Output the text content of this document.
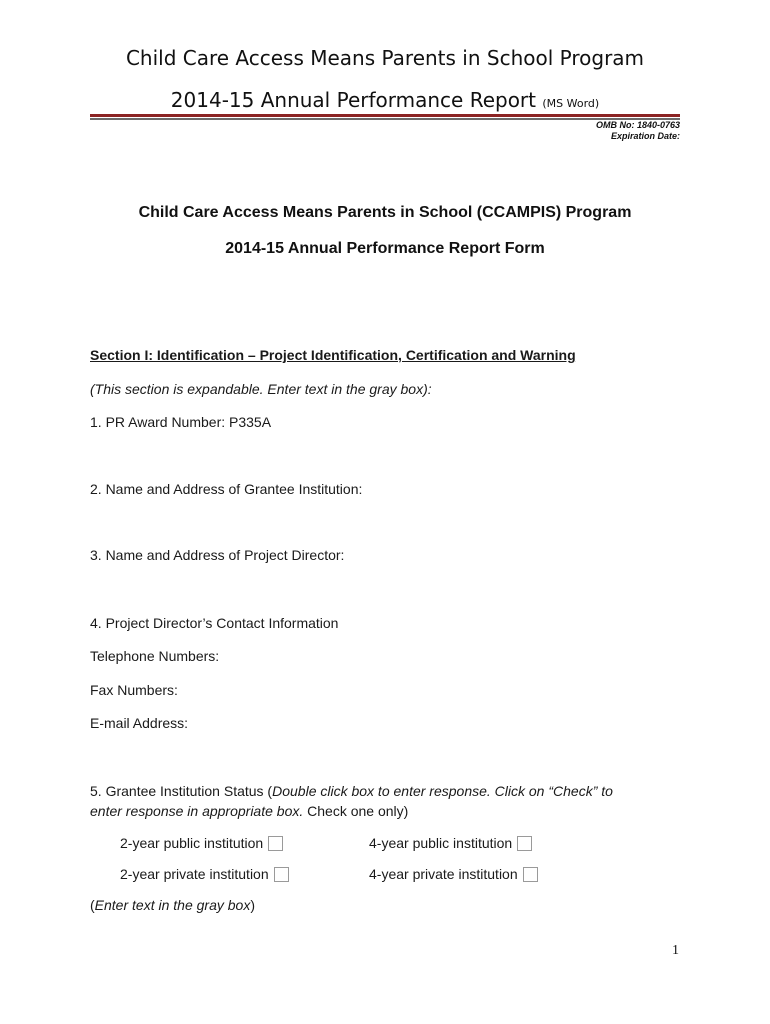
Child Care Access Means Parents in School Program
2014-15 Annual Performance Report (MS Word)
OMB No: 1840-0763
Expiration Date:
Child Care Access Means Parents in School (CCAMPIS) Program
2014-15 Annual Performance Report Form
Section I: Identification – Project Identification, Certification and Warning
(This section is expandable. Enter text in the gray box):
1. PR Award Number: P335A
2. Name and Address of Grantee Institution:
3. Name and Address of Project Director:
4. Project Director’s Contact Information
Telephone Numbers:
Fax Numbers:
E-mail Address:
5. Grantee Institution Status (Double click box to enter response. Click on “Check” to
enter response in appropriate box. Check one only)
2-year public institution	4-year public institution
2-year private institution	4-year private institution
(Enter text in the gray box)
1
